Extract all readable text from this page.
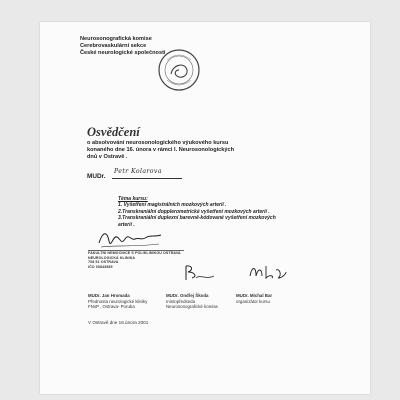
Neurosonografická komise
Cerebrovaskulární sekce
České neurologické společnosti
Osvědčení
o absolvování neurosonologického výukového kursu
konaného dne 16. února v rámci I. Neurosonologických
dnů v Ostravě .
MUDr.
Petr Kolarova
Téma kursu:
1. Vyšetření magistrálních mozkových arterií .
2.Transkraniální dopplerometrické vyšetření mozkových arterií .
3.Transkraniální duplexní barevně-kódované vyšetření mozkových
arterií .
FAKULTNÍ NEMOCNICE S POLIKLINIKOU OSTRAVA
NEUROLOGICKÁ KLINIKA
708 52 OSTRAVA
IČO 00843989
MUDr. Jan Hromada
Přednosta neurologické kliniky
FNsP , Ostrava- Poruba
MUDr. Ondřej Škoda
místopředseda
Neurosonografické komise
MUDr. Michal Bar
organizátor kursu
V Ostravě dne 16.února 2001
